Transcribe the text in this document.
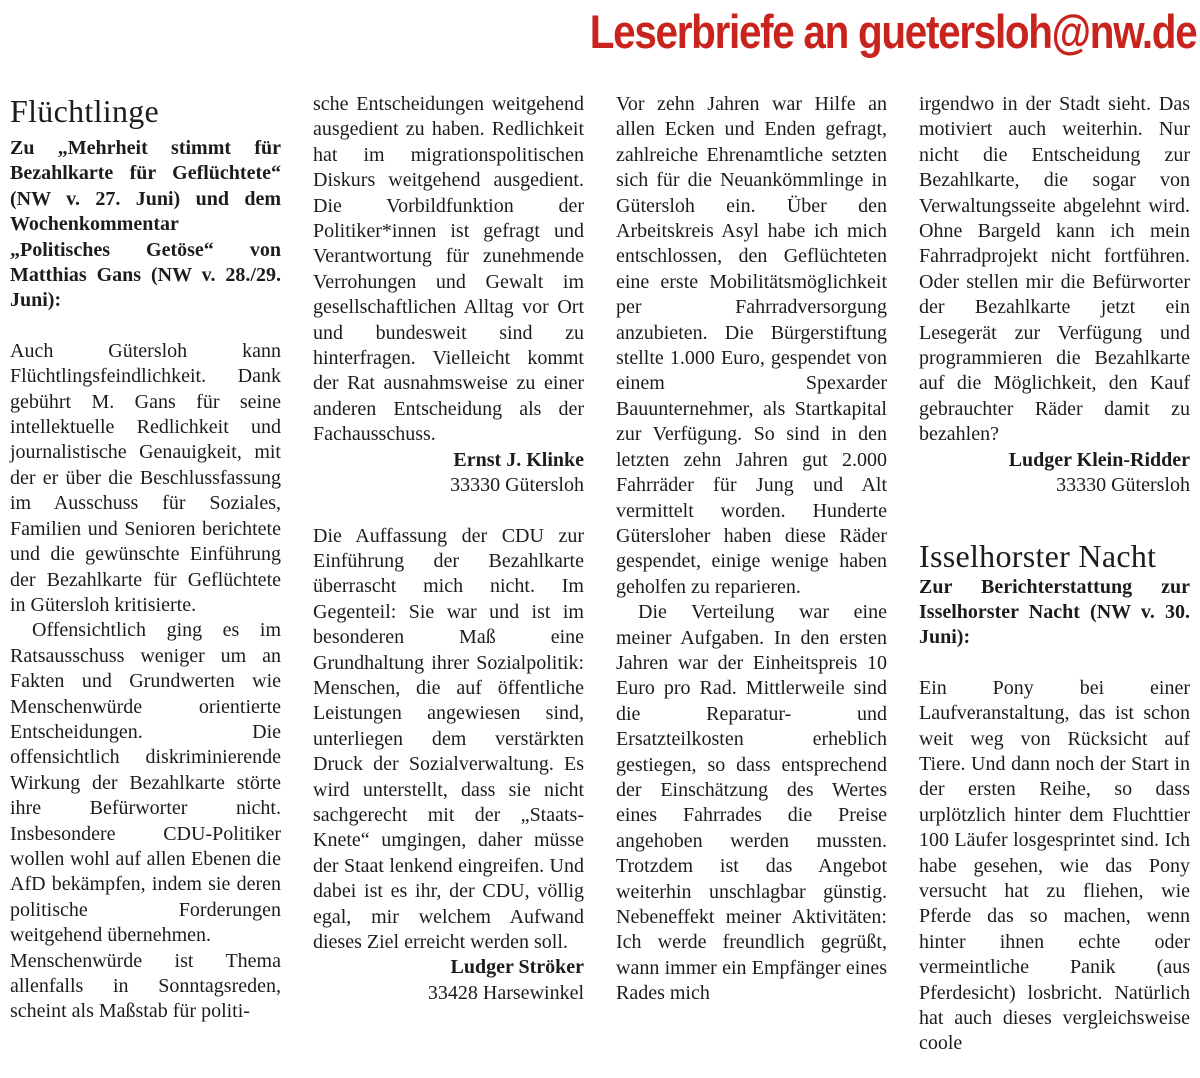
Leserbriefe an guetersloh@nw.de
Flüchtlinge

Zu „Mehrheit stimmt für Bezahlkarte für Geflüchtete“ (NW v. 27. Juni) und dem Wochenkommentar „Politisches Getöse“ von Matthias Gans (NW v. 28./29. Juni):

Auch Gütersloh kann Flüchtlingsfeindlichkeit. Dank gebührt M. Gans für seine intellektuelle Redlichkeit und journalistische Genauigkeit, mit der er über die Beschlussfassung im Ausschuss für Soziales, Familien und Senioren berichtete und die gewünschte Einführung der Bezahlkarte für Geflüchtete in Gütersloh kritisierte.

Offensichtlich ging es im Ratsausschuss weniger um an Fakten und Grundwerten wie Menschenwürde orientierte Entscheidungen. Die offensichtlich diskriminierende Wirkung der Bezahlkarte störte ihre Befürworter nicht. Insbesondere CDU-Politiker wollen wohl auf allen Ebenen die AfD bekämpfen, indem sie deren politische Forderungen weitgehend übernehmen.

Menschenwürde ist Thema allenfalls in Sonntagsreden, scheint als Maßstab für politi-

sche Entscheidungen weitgehend ausgedient zu haben. Redlichkeit hat im migrationspolitischen Diskurs weitgehend ausgedient. Die Vorbildfunktion der Politiker*innen ist gefragt und Verantwortung für zunehmende Verrohungen und Gewalt im gesellschaftlichen Alltag vor Ort und bundesweit sind zu hinterfragen. Vielleicht kommt der Rat ausnahmsweise zu einer anderen Entscheidung als der Fachausschuss.

Ernst J. Klinke

33330 Gütersloh

Die Auffassung der CDU zur Einführung der Bezahlkarte überrascht mich nicht. Im Gegenteil: Sie war und ist im besonderen Maß eine Grundhaltung ihrer Sozialpolitik: Menschen, die auf öffentliche Leistungen angewiesen sind, unterliegen dem verstärkten Druck der Sozialverwaltung. Es wird unterstellt, dass sie nicht sachgerecht mit der „Staats-Knete“ umgingen, daher müsse der Staat lenkend eingreifen. Und dabei ist es ihr, der CDU, völlig egal, mir welchem Aufwand dieses Ziel erreicht werden soll.

Ludger Ströker

33428 Harsewinkel

Vor zehn Jahren war Hilfe an allen Ecken und Enden gefragt, zahlreiche Ehrenamtliche setzten sich für die Neuankömmlinge in Gütersloh ein. Über den Arbeitskreis Asyl habe ich mich entschlossen, den Geflüchteten eine erste Mobilitätsmöglichkeit per Fahrradversorgung anzubieten. Die Bürgerstiftung stellte 1.000 Euro, gespendet von einem Spexarder Bauunternehmer, als Startkapital zur Verfügung. So sind in den letzten zehn Jahren gut 2.000 Fahrräder für Jung und Alt vermittelt worden. Hunderte Gütersloher haben diese Räder gespendet, einige wenige haben geholfen zu reparieren.

Die Verteilung war eine meiner Aufgaben. In den ersten Jahren war der Einheitspreis 10 Euro pro Rad. Mittlerweile sind die Reparatur- und Ersatzteilkosten erheblich gestiegen, so dass entsprechend der Einschätzung des Wertes eines Fahrrades die Preise angehoben werden mussten. Trotzdem ist das Angebot weiterhin unschlagbar günstig. Nebeneffekt meiner Aktivitäten: Ich werde freundlich gegrüßt, wann immer ein Empfänger eines Rades mich

irgendwo in der Stadt sieht. Das motiviert auch weiterhin. Nur nicht die Entscheidung zur Bezahlkarte, die sogar von Verwaltungsseite abgelehnt wird. Ohne Bargeld kann ich mein Fahrradprojekt nicht fortführen. Oder stellen mir die Befürworter der Bezahlkarte jetzt ein Lesegerät zur Verfügung und programmieren die Bezahlkarte auf die Möglichkeit, den Kauf gebrauchter Räder damit zu bezahlen?

Ludger Klein-Ridder

33330 Gütersloh

Isselhorster Nacht

Zur Berichterstattung zur Isselhorster Nacht (NW v. 30. Juni):

Ein Pony bei einer Laufveranstaltung, das ist schon weit weg von Rücksicht auf Tiere. Und dann noch der Start in der ersten Reihe, so dass urplötzlich hinter dem Fluchttier 100 Läufer losgesprintet sind. Ich habe gesehen, wie das Pony versucht hat zu fliehen, wie Pferde das so machen, wenn hinter ihnen echte oder vermeintliche Panik (aus Pferdesicht) losbricht. Natürlich hat auch dieses vergleichsweise coole
